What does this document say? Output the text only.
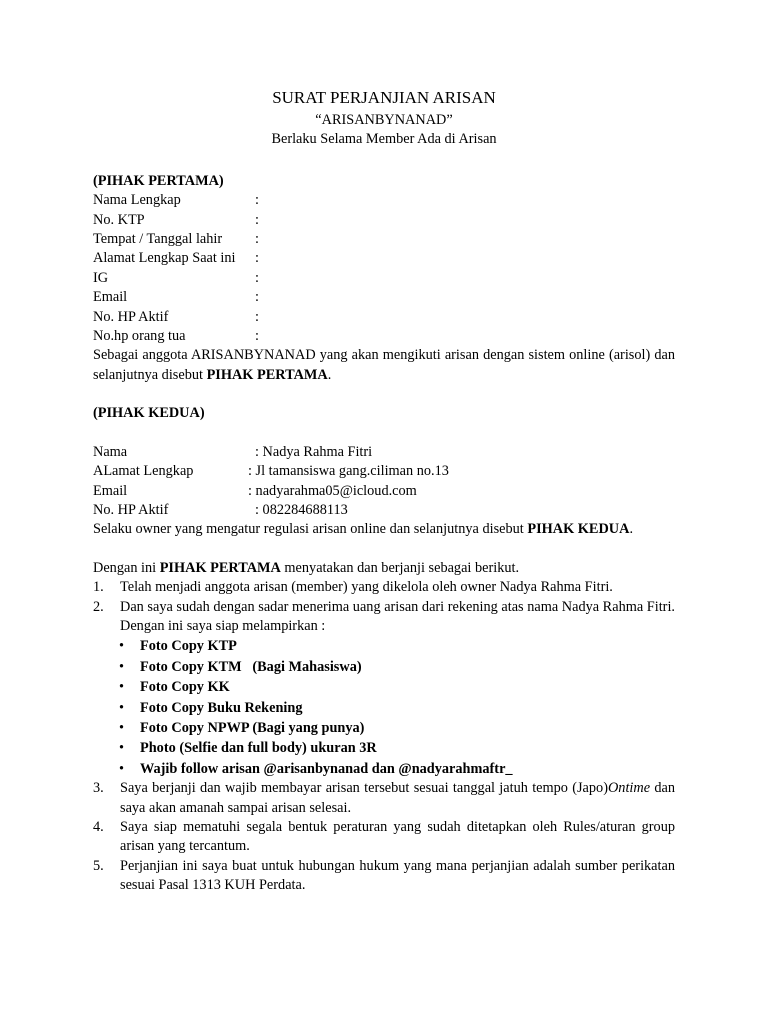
SURAT PERJANJIAN ARISAN
“ARISANBYNANAD”
Berlaku Selama Member Ada di Arisan
(PIHAK PERTAMA)
Nama Lengkap	:
No. KTP	:
Tempat / Tanggal lahir	:
Alamat Lengkap Saat ini	:
IG	:
Email	:
No. HP Aktif	:
No.hp orang tua	:
Sebagai anggota ARISANBYNANAD yang akan mengikuti arisan dengan sistem online (arisol) dan selanjutnya disebut PIHAK PERTAMA.
(PIHAK KEDUA)
Nama	: Nadya Rahma Fitri
ALamat Lengkap	: Jl tamansiswa gang.ciliman no.13
Email	: nadyarahma05@icloud.com
No. HP Aktif	: 082284688113
Selaku owner yang mengatur regulasi arisan online dan selanjutnya disebut PIHAK KEDUA.
Dengan ini PIHAK PERTAMA menyatakan dan berjanji sebagai berikut.
1. Telah menjadi anggota arisan (member) yang dikelola oleh owner Nadya Rahma Fitri.
2. Dan saya sudah dengan sadar menerima uang arisan dari rekening atas nama Nadya Rahma Fitri. Dengan ini saya siap melampirkan :
• Foto Copy KTP
• Foto Copy KTM   (Bagi Mahasiswa)
• Foto Copy KK
• Foto Copy Buku Rekening
• Foto Copy NPWP (Bagi yang punya)
• Photo (Selfie dan full body) ukuran 3R
• Wajib follow arisan @arisanbynanad dan @nadyarahmaftr_
3. Saya berjanji dan wajib membayar arisan tersebut sesuai tanggal jatuh tempo (Japo)Ontime dan saya akan amanah sampai arisan selesai.
4. Saya siap mematuhi segala bentuk peraturan yang sudah ditetapkan oleh Rules/aturan group arisan yang tercantum.
5. Perjanjian ini saya buat untuk hubungan hukum yang mana perjanjian adalah sumber perikatan sesuai Pasal 1313 KUH Perdata.
